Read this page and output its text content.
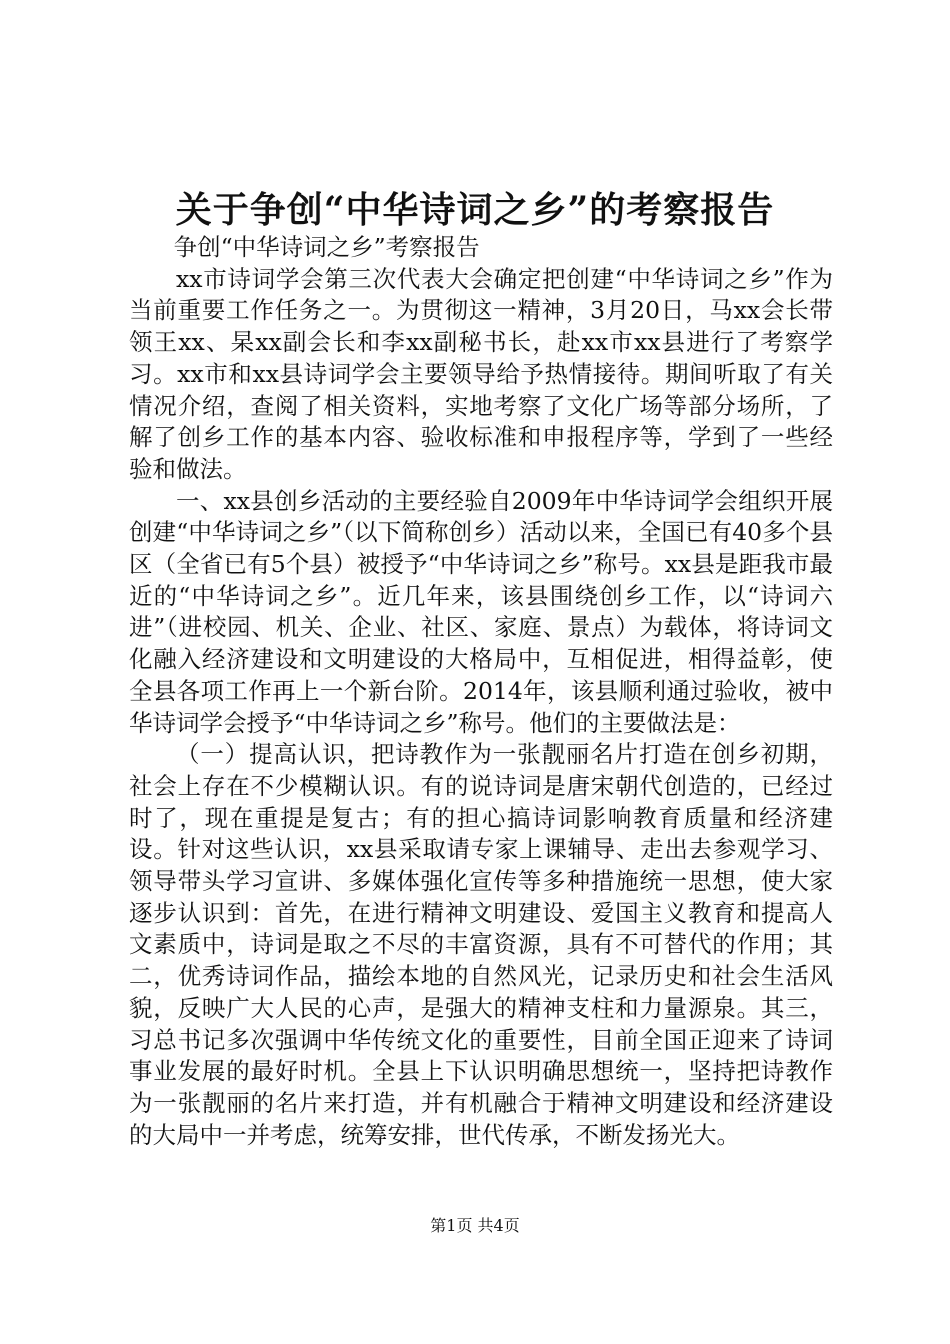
关于争创“中华诗词之乡”的考察报告

争创“中华诗词之乡”考察报告

xx市诗词学会第三次代表大会确定把创建“中华诗词之乡”作为当前重要工作任务之一。为贯彻这一精神，3月20日，马xx会长带领王xx、杲xx副会长和李xx副秘书长，赴xx市xx县进行了考察学习。xx市和xx县诗词学会主要领导给予热情接待。期间听取了有关情况介绍，查阅了相关资料，实地考察了文化广场等部分场所，了解了创乡工作的基本内容、验收标准和申报程序等，学到了一些经验和做法。

一、xx县创乡活动的主要经验自2009年中华诗词学会组织开展创建“中华诗词之乡”（以下简称创乡）活动以来，全国已有40多个县区（全省已有5个县）被授予“中华诗词之乡”称号。xx县是距我市最近的“中华诗词之乡”。近几年来，该县围绕创乡工作，以“诗词六进”（进校园、机关、企业、社区、家庭、景点）为载体，将诗词文化融入经济建设和文明建设的大格局中，互相促进，相得益彰，使全县各项工作再上一个新台阶。2014年，该县顺利通过验收，被中华诗词学会授予“中华诗词之乡”称号。他们的主要做法是：

（一）提高认识，把诗教作为一张靓丽名片打造在创乡初期，社会上存在不少模糊认识。有的说诗词是唐宋朝代创造的，已经过时了，现在重提是复古；有的担心搞诗词影响教育质量和经济建设。针对这些认识，xx县采取请专家上课辅导、走出去参观学习、领导带头学习宣讲、多媒体强化宣传等多种措施统一思想，使大家逐步认识到：首先，在进行精神文明建设、爱国主义教育和提高人文素质中，诗词是取之不尽的丰富资源，具有不可替代的作用；其二，优秀诗词作品，描绘本地的自然风光，记录历史和社会生活风貌，反映广大人民的心声，是强大的精神支柱和力量源泉。其三，习总书记多次强调中华传统文化的重要性，目前全国正迎来了诗词事业发展的最好时机。全县上下认识明确思想统一，坚持把诗教作为一张靓丽的名片来打造，并有机融合于精神文明建设和经济建设的大局中一并考虑，统筹安排，世代传承，不断发扬光大。

第1页 共4页
